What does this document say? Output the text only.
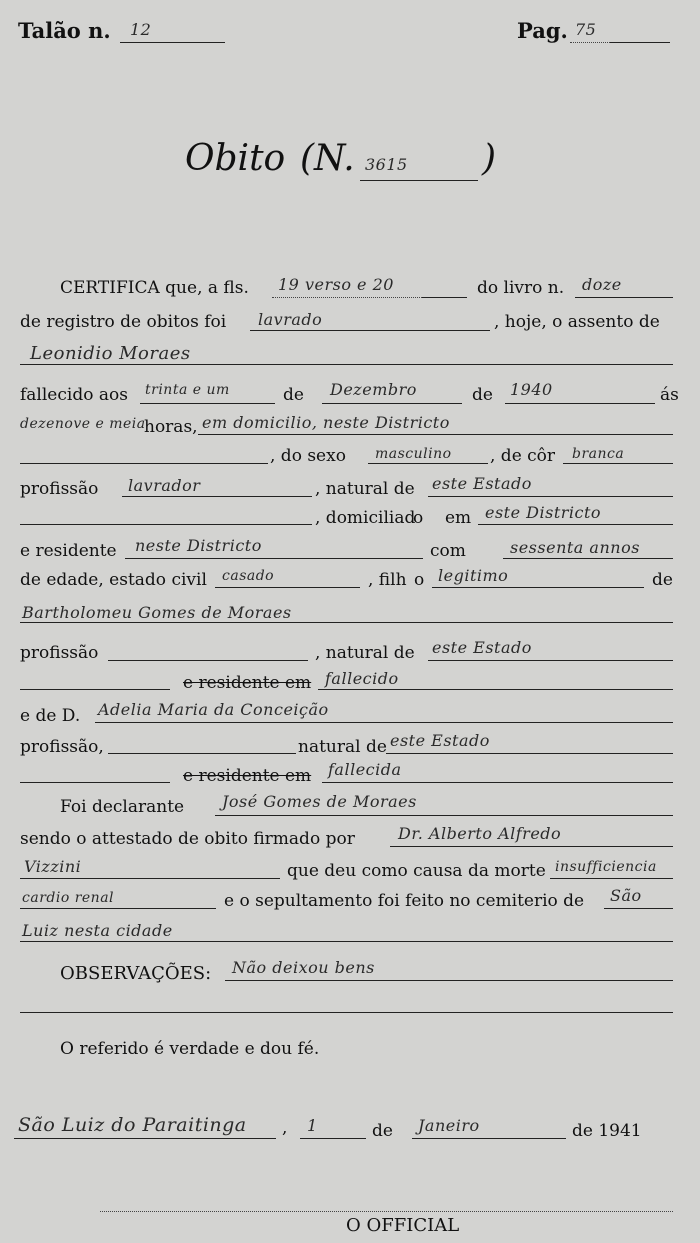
Talão n. 12	Pag. 75
Obito (N. 3615 )
CERTIFICA que, a fls. 19 verso e 20	do livro n. doze
de registro de obitos foi lavrado	, hoje, o assento de
Leonidio Moraes
fallecido aos trinta e um	de Dezembro	de 1940	ás
dezenove e meia
horas, em domicilio, neste Districto
, do sexo masculino , de côr branca
profissão lavrador	, natural de este Estado
, domiciliad
o em este Districto
e residente neste Districto	com	sessenta annos
de edade, estado civil casado	, filh o legitimo	de
Bartholomeu Gomes de Moraes
profissão	, natural de este Estado
e residente em fallecido
e de D. Adelia Maria da Conceição
profissão,	natural de este Estado
e residente em fallecida
Foi declarante José Gomes de Moraes
sendo o attestado de obito firmado por	Dr. Alberto Alfredo
Vizzini	que deu como causa da morte insufficiencia
cardio renal	e o sepultamento foi feito no cemiterio de São
Luiz nesta cidade
OBSERVAÇÕES: Não deixou bens
O referido é verdade e dou fé.
São Luiz do Paraitinga , 1	de Janeiro	de 1941
O OFFICIAL
